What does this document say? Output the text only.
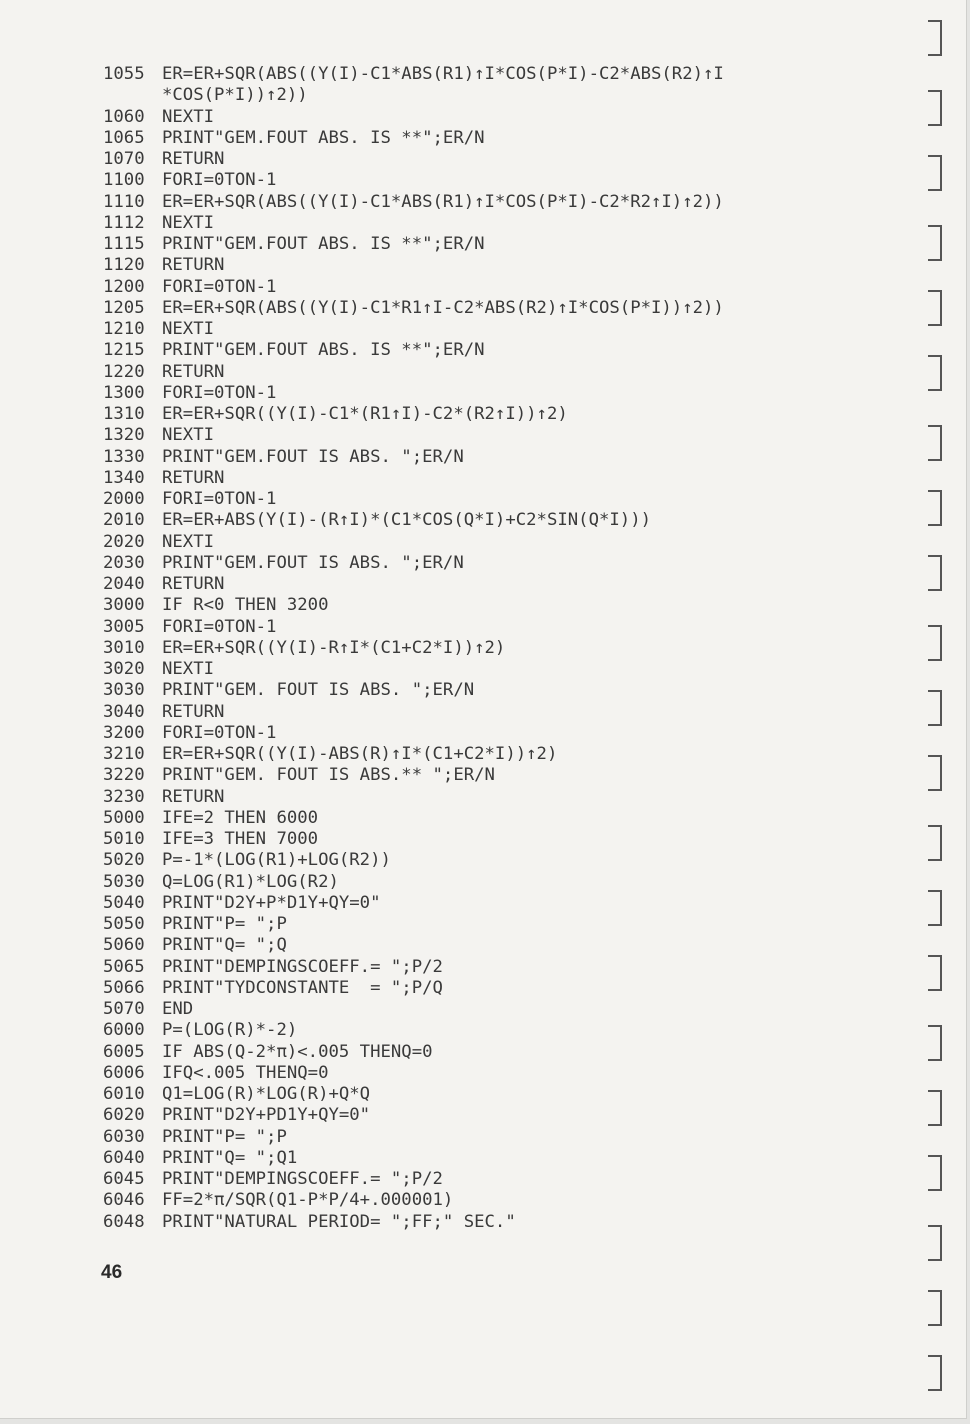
1055	ER=ER+SQR(ABS((Y(I)-C1*ABS(R1)↑I*COS(P*I)-C2*ABS(R2)↑I
*COS(P*I))↑2))
1060	NEXTI
1065	PRINT"GEM.FOUT ABS. IS **";ER/N
1070	RETURN
1100	FORI=0TON-1
1110	ER=ER+SQR(ABS((Y(I)-C1*ABS(R1)↑I*COS(P*I)-C2*R2↑I)↑2))
1112	NEXTI
1115	PRINT"GEM.FOUT ABS. IS **";ER/N
1120	RETURN
1200	FORI=0TON-1
1205	ER=ER+SQR(ABS((Y(I)-C1*R1↑I-C2*ABS(R2)↑I*COS(P*I))↑2))
1210	NEXTI
1215	PRINT"GEM.FOUT ABS. IS **";ER/N
1220	RETURN
1300	FORI=0TON-1
1310	ER=ER+SQR((Y(I)-C1*(R1↑I)-C2*(R2↑I))↑2)
1320	NEXTI
1330	PRINT"GEM.FOUT IS ABS. ";ER/N
1340	RETURN
2000	FORI=0TON-1
2010	ER=ER+ABS(Y(I)-(R↑I)*(C1*COS(Q*I)+C2*SIN(Q*I)))
2020	NEXTI
2030	PRINT"GEM.FOUT IS ABS. ";ER/N
2040	RETURN
3000	IF R<0 THEN 3200
3005	FORI=0TON-1
3010	ER=ER+SQR((Y(I)-R↑I*(C1+C2*I))↑2)
3020	NEXTI
3030	PRINT"GEM. FOUT IS ABS. ";ER/N
3040	RETURN
3200	FORI=0TON-1
3210	ER=ER+SQR((Y(I)-ABS(R)↑I*(C1+C2*I))↑2)
3220	PRINT"GEM. FOUT IS ABS.** ";ER/N
3230	RETURN
5000	IFE=2 THEN 6000
5010	IFE=3 THEN 7000
5020	P=-1*(LOG(R1)+LOG(R2))
5030	Q=LOG(R1)*LOG(R2)
5040	PRINT"D2Y+P*D1Y+QY=0"
5050	PRINT"P= ";P
5060	PRINT"Q= ";Q
5065	PRINT"DEMPINGSCOEFF.= ";P/2
5066	PRINT"TYDCONSTANTE  = ";P/Q
5070	END
6000	P=(LOG(R)*-2)
6005	IF ABS(Q-2*π)<.005 THENQ=0
6006	IFQ<.005 THENQ=0
6010	Q1=LOG(R)*LOG(R)+Q*Q
6020	PRINT"D2Y+PD1Y+QY=0"
6030	PRINT"P= ";P
6040	PRINT"Q= ";Q1
6045	PRINT"DEMPINGSCOEFF.= ";P/2
6046	FF=2*π/SQR(Q1-P*P/4+.000001)
6048	PRINT"NATURAL PERIOD= ";FF;" SEC."
46
